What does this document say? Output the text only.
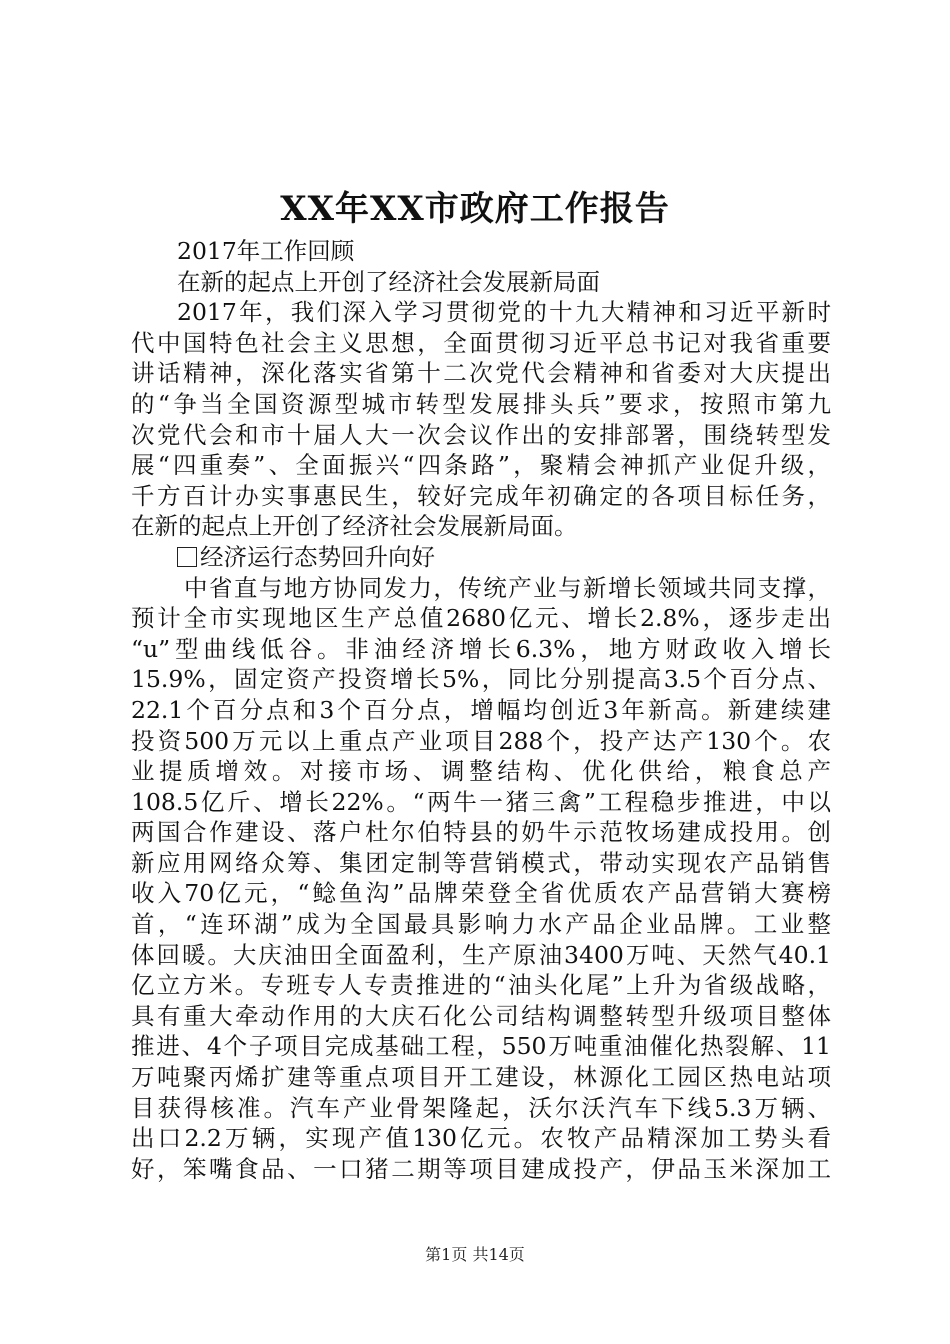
XX年XX市政府工作报告
2017年工作回顾
在新的起点上开创了经济社会发展新局面
2017年，我们深入学习贯彻党的十九大精神和习近平新时
代中国特色社会主义思想，全面贯彻习近平总书记对我省重要
讲话精神，深化落实省第十二次党代会精神和省委对大庆提出
的“争当全国资源型城市转型发展排头兵”要求，按照市第九
次党代会和市十届人大一次会议作出的安排部署，围绕转型发
展“四重奏”、全面振兴“四条路”，聚精会神抓产业促升级，
千方百计办实事惠民生，较好完成年初确定的各项目标任务，
在新的起点上开创了经济社会发展新局面。
经济运行态势回升向好
中省直与地方协同发力，传统产业与新增长领域共同支撑，
预计全市实现地区生产总值2680亿元、增长2.8%，逐步走出
“u”型曲线低谷。非油经济增长6.3%，地方财政收入增长
15.9%，固定资产投资增长5%，同比分别提高3.5个百分点、
22.1个百分点和3个百分点，增幅均创近3年新高。新建续建
投资500万元以上重点产业项目288个，投产达产130个。农
业提质增效。对接市场、调整结构、优化供给，粮食总产
108.5亿斤、增长22%。“两牛一猪三禽”工程稳步推进，中以
两国合作建设、落户杜尔伯特县的奶牛示范牧场建成投用。创
新应用网络众筹、集团定制等营销模式，带动实现农产品销售
收入70亿元，“鲶鱼沟”品牌荣登全省优质农产品营销大赛榜
首，“连环湖”成为全国最具影响力水产品企业品牌。工业整
体回暖。大庆油田全面盈利，生产原油3400万吨、天然气40.1
亿立方米。专班专人专责推进的“油头化尾”上升为省级战略，
具有重大牵动作用的大庆石化公司结构调整转型升级项目整体
推进、4个子项目完成基础工程，550万吨重油催化热裂解、11
万吨聚丙烯扩建等重点项目开工建设，林源化工园区热电站项
目获得核准。汽车产业骨架隆起，沃尔沃汽车下线5.3万辆、
出口2.2万辆，实现产值130亿元。农牧产品精深加工势头看
好，笨嘴食品、一口猪二期等项目建成投产，伊品玉米深加工
第1页 共14页
